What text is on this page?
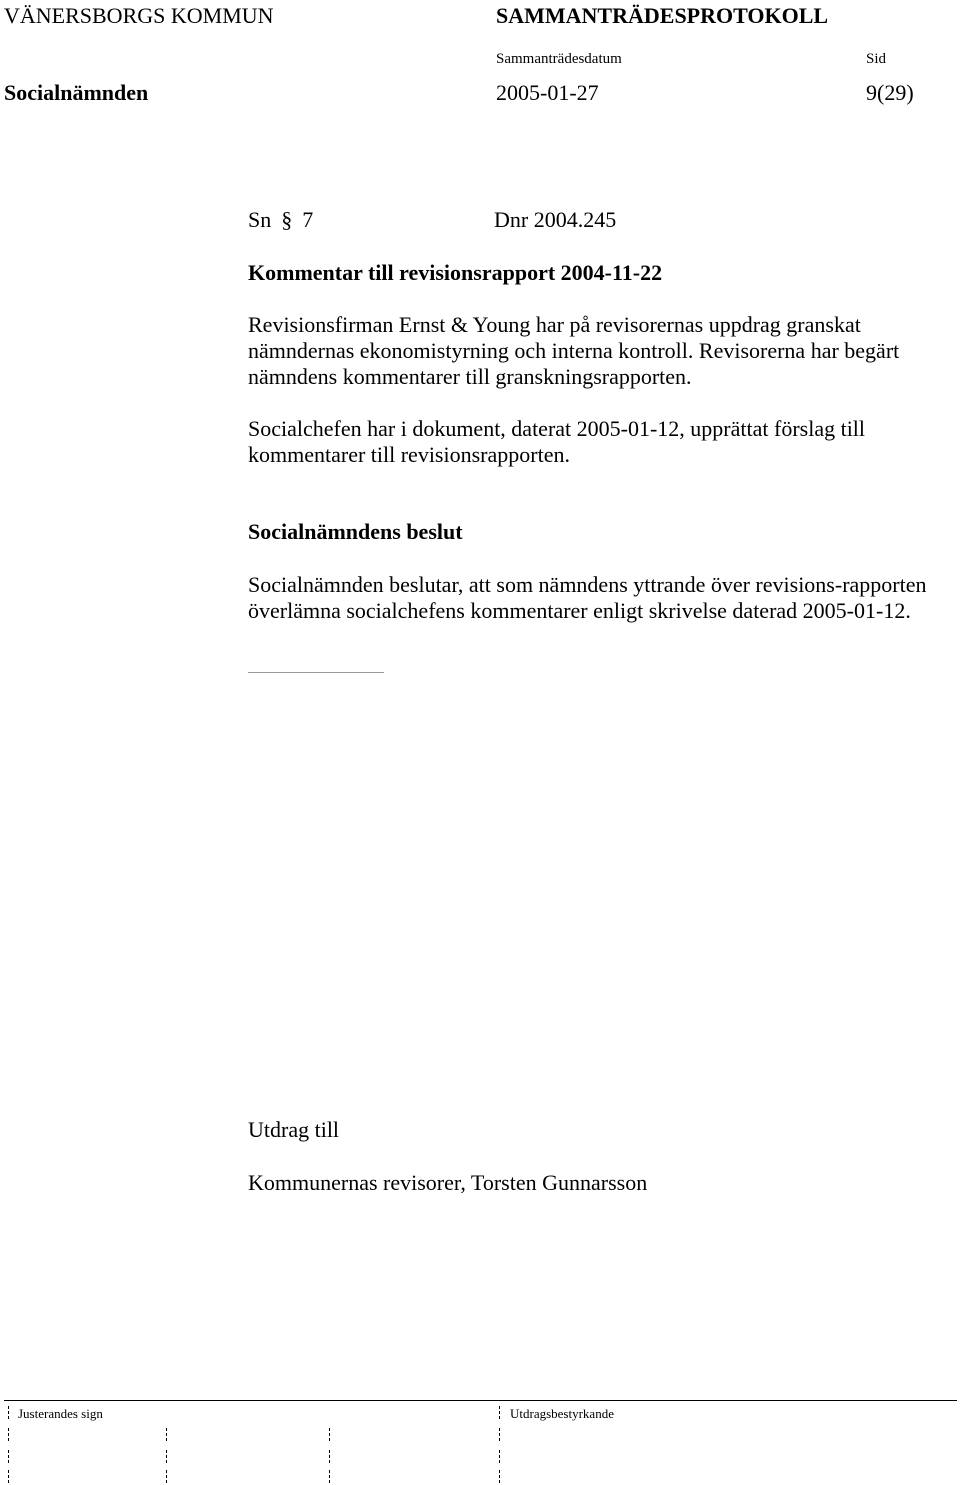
VÄNERSBORGS KOMMUN	SAMMANTRÄDESPROTOKOLL
Sammanträdesdatum	Sid
Socialnämnden	2005-01-27	9(29)
Sn § 7	Dnr 2004.245
Kommentar till revisionsrapport 2004-11-22
Revisionsfirman Ernst & Young har på revisorernas uppdrag granskat nämndernas ekonomistyrning och interna kontroll. Revisorerna har begärt nämndens kommentarer till granskningsrapporten.
Socialchefen har i dokument, daterat 2005-01-12, upprättat förslag till kommentarer till revisionsrapporten.
Socialnämndens beslut
Socialnämnden beslutar, att som nämndens yttrande över revisions-rapporten överlämna socialchefens kommentarer enligt skrivelse daterad 2005-01-12.
Utdrag till
Kommunernas revisorer, Torsten Gunnarsson
Justerandes sign	Utdragsbestyrkande
